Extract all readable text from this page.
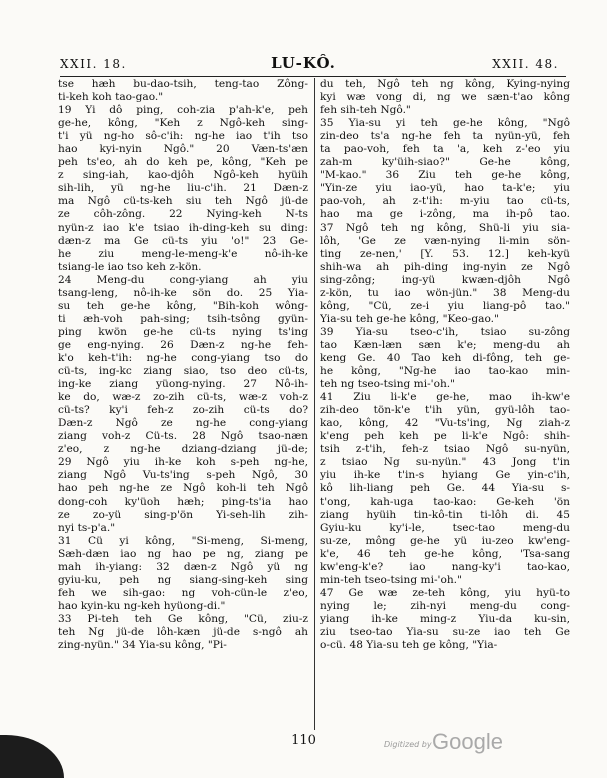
XXII. 18.	LU-KÔ.	XXII. 48.
tse hæh bu-dao-tsih, teng-tao Zông-
ti-keh koh tao-gao."
19 Yi dô ping, coh-zia p'ah-k'e, peh
ge-he, kông, "Keh z Ngô-keh sing-
t'i yü ng-ho sô-c'ih: ng-he iao t'ih tso
hao kyi-nyin Ngô." 20 Væn-ts'æn
peh ts'eo, ah do keh pe, kông, "Keh pe
z sing-iah, kao-djôh Ngô-keh hyüih
sih-lih, yü ng-he liu-c'ih. 21 Dæn-z
ma Ngô cü-ts-keh siu teh Ngô jü-de
ze côh-zông. 22 Nying-keh N-ts
nyün-z iao k'e tsiao ih-ding-keh su ding:
dæn-z ma Ge cü-ts yiu 'o!" 23 Ge-
he ziu meng-le-meng-k'e nô-ih-ke
tsiang-le iao tso keh z-kön.
24 Meng-du cong-yiang ah yiu
tsang-leng, nô-ih-ke sön do. 25 Yia-
su teh ge-he kông, "Bih-koh wông-
ti æh-voh pah-sing; tsih-tsông gyün-
ping kwön ge-he cü-ts nying ts'ing
ge eng-nying. 26 Dæn-z ng-he feh-
k'o keh-t'ih: ng-he cong-yiang tso do
cü-ts, ing-kc ziang siao, tso deo cü-ts,
ing-ke ziang yüong-nying. 27 Nô-ih-
ke do, wæ-z zo-zih cü-ts, wæ-z voh-z
cü-ts? ky'i feh-z zo-zih cü-ts do?
Dæn-z Ngô ze ng-he cong-yiang
ziang voh-z Cü-ts. 28 Ngô tsao-næn
z'eo, z ng-he dziang-dziang jü-de;
29 Ngô yiu ih-ke koh s-peh ng-he,
ziang Ngô Vu-ts'ing s-peh Ngô, 30
hao peh ng-he ze Ngô koh-li teh Ngô
dong-coh ky'üoh hæh; ping-ts'ia hao
ze zo-yü sing-p'ön Yi-seh-lih zih-
nyi ts-p'a."
31 Cü yi kông, "Si-meng, Si-meng,
Sæh-dæn iao ng hao pe ng, ziang pe
mah ih-yiang: 32 dæn-z Ngô yü ng
gyiu-ku, peh ng siang-sing-keh sing
feh we sih-gao: ng voh-cün-le z'eo,
hao kyin-ku ng-keh hyüong-di."
33 Pi-teh teh Ge kông, "Cü, ziu-z
teh Ng jü-de lôh-kæn jü-de s-ngô ah
zing-nyün." 34 Yia-su kông, "Pi-
du teh, Ngô teh ng kông, Kying-nying
kyi wæ vong di, ng we sæn-t'ao kông
feh sih-teh Ngô."
35 Yia-su yi teh ge-he kông, "Ngô
zin-deo ts'a ng-he feh ta nyün-yü, feh
ta pao-voh, feh ta 'a, keh z-'eo yiu
zah-m ky'üih-siao?" Ge-he kông,
"M-kao." 36 Ziu teh ge-he kông,
"Yin-ze yiu iao-yü, hao ta-k'e; yiu
pao-voh, ah z-t'ih: m-yiu tao cü-ts,
hao ma ge i-zông, ma ih-pô tao.
37 Ngô teh ng kông, Shü-li yiu sia-
lôh, 'Ge ze væn-nying li-min sön-
ting ze-nen,' [Y. 53. 12.] keh-kyü
shih-wa ah pih-ding ing-nyin ze Ngô
sing-zông; ing-yü kwæn-djôh Ngô
z-kön, tu iao wön-jün." 38 Meng-du
kông, "Cü, ze-i yiu liang-pô tao."
Yia-su teh ge-he kông, "Keo-gao."
39 Yia-su tseo-c'ih, tsiao su-zông
tao Kæn-læn sæn k'e; meng-du ah
keng Ge. 40 Tao keh di-fông, teh ge-
he kông, "Ng-he iao tao-kao min-
teh ng tseo-tsing mi-'oh."
41 Ziu li-k'e ge-he, mao ih-kw'e
zih-deo tön-k'e t'ih yün, gyü-lôh tao-
kao, kông, 42 "Vu-ts'ing, Ng ziah-z
k'eng peh keh pe li-k'e Ngô: shih-
tsih z-t'ih, feh-z tsiao Ngô su-nyün,
z tsiao Ng su-nyün." 43 Jong t'in
yiu ih-ke t'in-s hyiang Ge yin-c'ih,
kô lih-liang peh Ge. 44 Yia-su s-
t'ong, kah-uga tao-kao: Ge-keh 'ön
ziang hyüih tin-kô-tin ti-lôh di. 45
Gyiu-ku ky'i-le, tsec-tao meng-du
su-ze, mông ge-he yü iu-zeo kw'eng-
k'e, 46 teh ge-he kông, 'Tsa-sang
kw'eng-k'e? iao nang-ky'i tao-kao,
min-teh tseo-tsing mi-'oh."
47 Ge wæ ze-teh kông, yiu hyü-to
nying le; zih-nyi meng-du cong-
yiang ih-ke ming-z Yiu-da ku-sin,
ziu tseo-tao Yia-su su-ze iao teh Ge
o-cü. 48 Yia-su teh ge kông, "Yia-
110	Digitized by Google
